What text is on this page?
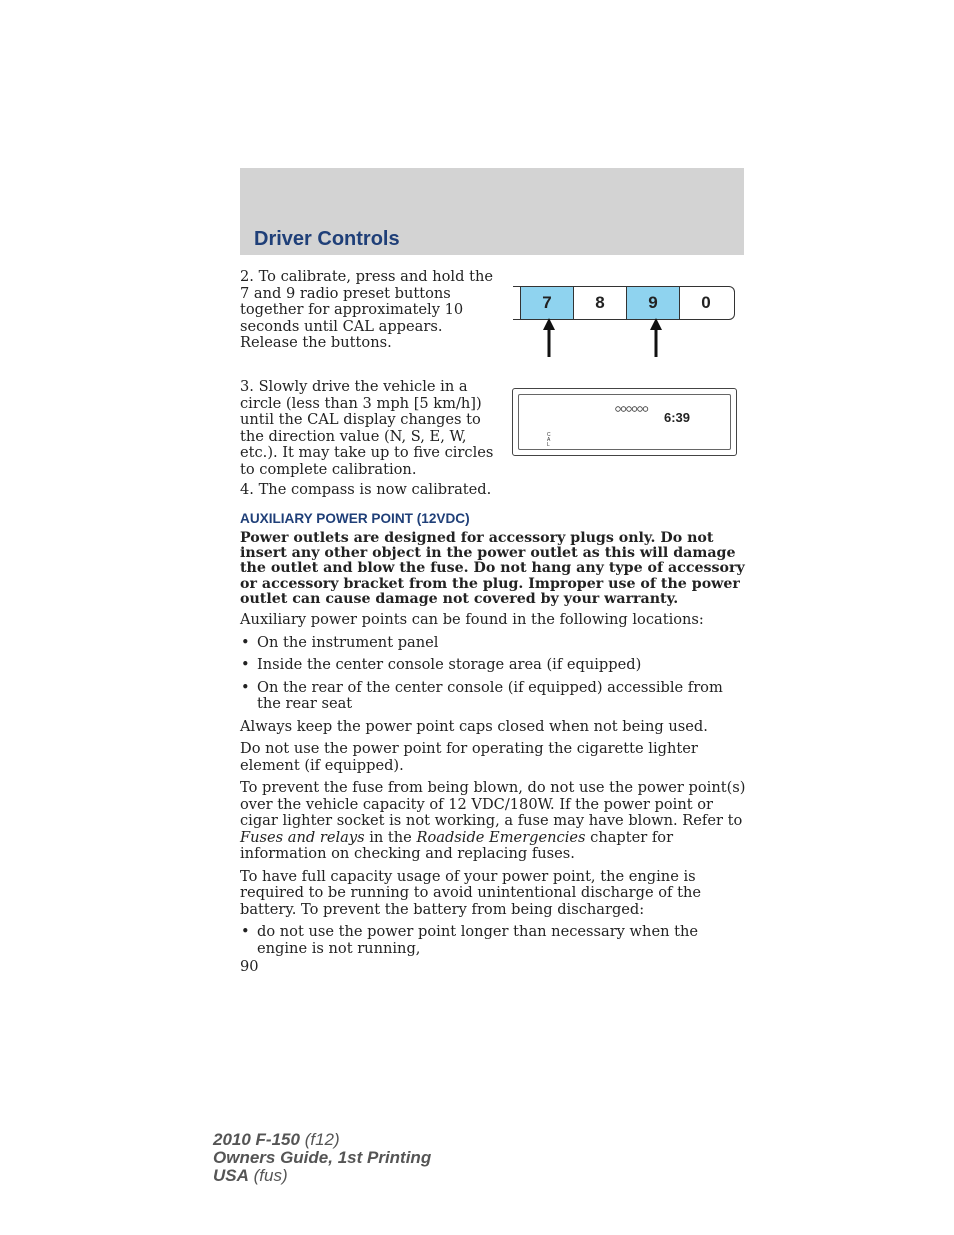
Driver Controls

2. To calibrate, press and hold the 7 and 9 radio preset buttons together for approximately 10 seconds until CAL appears. Release the buttons.

7	8	9	0

3. Slowly drive the vehicle in a circle (less than 3 mph [5 km/h]) until the CAL display changes to the direction value (N, S, E, W, etc.). It may take up to five circles to complete calibration.

6:39
CAL

4. The compass is now calibrated.

AUXILIARY POWER POINT (12VDC)

Power outlets are designed for accessory plugs only. Do not insert any other object in the power outlet as this will damage the outlet and blow the fuse. Do not hang any type of accessory or accessory bracket from the plug. Improper use of the power outlet can cause damage not covered by your warranty.

Auxiliary power points can be found in the following locations:

• On the instrument panel
• Inside the center console storage area (if equipped)
• On the rear of the center console (if equipped) accessible from the rear seat

Always keep the power point caps closed when not being used.

Do not use the power point for operating the cigarette lighter element (if equipped).

To prevent the fuse from being blown, do not use the power point(s) over the vehicle capacity of 12 VDC/180W. If the power point or cigar lighter socket is not working, a fuse may have blown. Refer to Fuses and relays in the Roadside Emergencies chapter for information on checking and replacing fuses.

To have full capacity usage of your power point, the engine is required to be running to avoid unintentional discharge of the battery. To prevent the battery from being discharged:

• do not use the power point longer than necessary when the engine is not running,
90
2010 F-150 (f12)
Owners Guide, 1st Printing
USA (fus)
